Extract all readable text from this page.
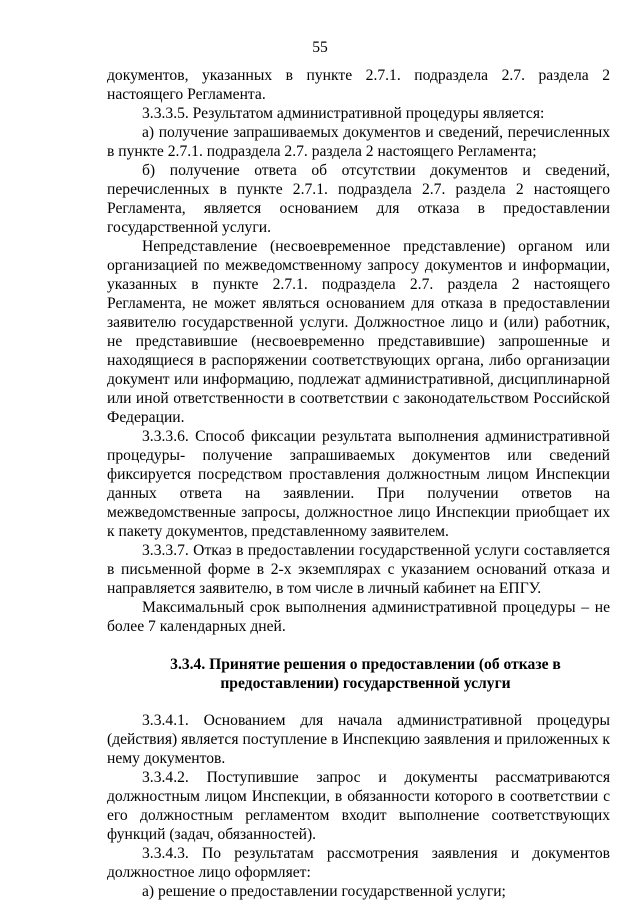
55

документов, указанных в пункте 2.7.1. подраздела 2.7. раздела 2 настоящего Регламента.

3.3.3.5. Результатом административной процедуры является:

а) получение запрашиваемых документов и сведений, перечисленных в пункте 2.7.1. подраздела 2.7. раздела 2 настоящего Регламента;

б) получение ответа об отсутствии документов и сведений, перечисленных в пункте 2.7.1. подраздела 2.7. раздела 2 настоящего Регламента, является основанием для отказа в предоставлении государственной услуги.

Непредставление (несвоевременное представление) органом или организацией по межведомственному запросу документов и информации, указанных в пункте 2.7.1. подраздела 2.7. раздела 2 настоящего Регламента, не может являться основанием для отказа в предоставлении заявителю государственной услуги. Должностное лицо и (или) работник, не представившие (несвоевременно представившие) запрошенные и находящиеся в распоряжении соответствующих органа, либо организации документ или информацию, подлежат административной, дисциплинарной или иной ответственности в соответствии с законодательством Российской Федерации.

3.3.3.6. Способ фиксации результата выполнения административной процедуры- получение запрашиваемых документов или сведений фиксируется посредством проставления должностным лицом Инспекции данных ответа на заявлении. При получении ответов на межведомственные запросы, должностное лицо Инспекции приобщает их к пакету документов, представленному заявителем.

3.3.3.7. Отказ в предоставлении государственной услуги составляется в письменной форме в 2-х экземплярах с указанием оснований отказа и направляется заявителю, в том числе в личный кабинет на ЕПГУ.

Максимальный срок выполнения административной процедуры – не более 7 календарных дней.

3.3.4. Принятие решения о предоставлении (об отказе в
предоставлении) государственной услуги

3.3.4.1. Основанием для начала административной процедуры (действия) является поступление в Инспекцию заявления и приложенных к нему документов.

3.3.4.2. Поступившие запрос и документы рассматриваются должностным лицом Инспекции, в обязанности которого в соответствии с его должностным регламентом входит выполнение соответствующих функций (задач, обязанностей).

3.3.4.3. По результатам рассмотрения заявления и документов должностное лицо оформляет:

а) решение о предоставлении государственной услуги;
